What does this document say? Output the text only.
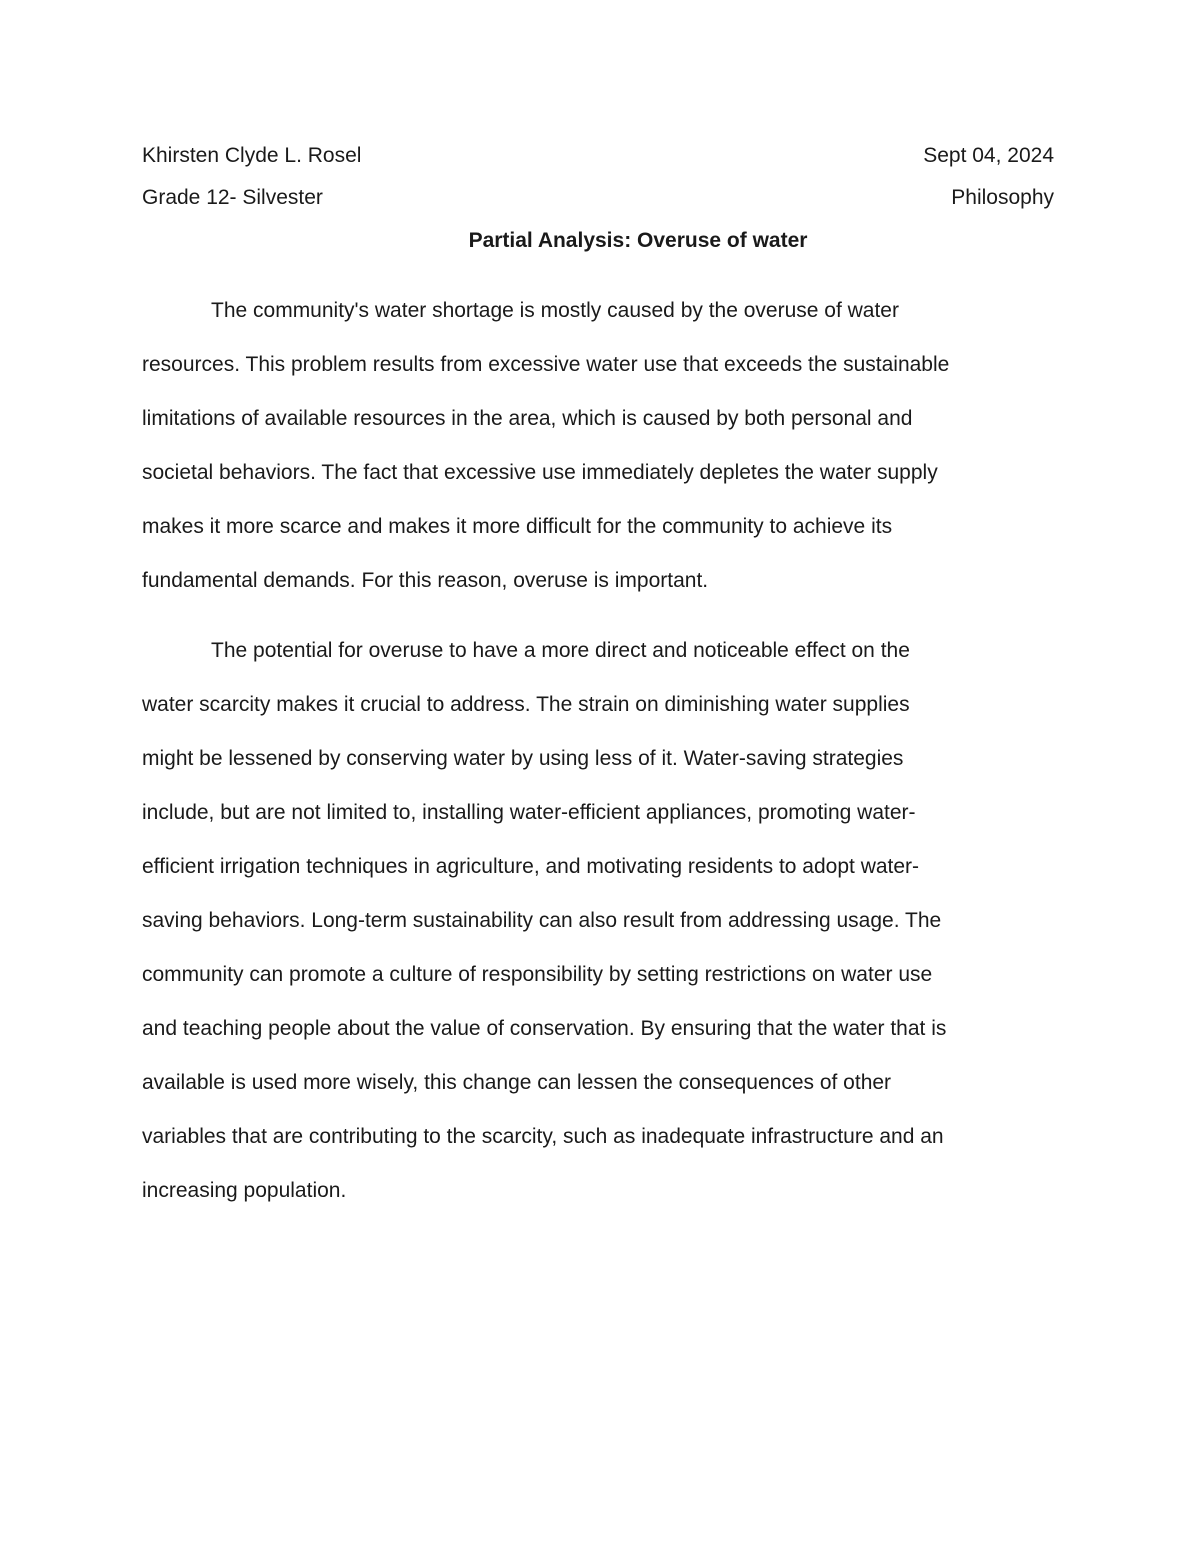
Khirsten Clyde L. Rosel	Sept 04, 2024
Grade 12- Silvester	Philosophy
Partial Analysis: Overuse of water
The community's water shortage is mostly caused by the overuse of water
resources. This problem results from excessive water use that exceeds the sustainable
limitations of available resources in the area, which is caused by both personal and
societal behaviors. The fact that excessive use immediately depletes the water supply
makes it more scarce and makes it more difficult for the community to achieve its
fundamental demands. For this reason, overuse is important.
The potential for overuse to have a more direct and noticeable effect on the
water scarcity makes it crucial to address. The strain on diminishing water supplies
might be lessened by conserving water by using less of it. Water-saving strategies
include, but are not limited to, installing water-efficient appliances, promoting water-
efficient irrigation techniques in agriculture, and motivating residents to adopt water-
saving behaviors. Long-term sustainability can also result from addressing usage. The
community can promote a culture of responsibility by setting restrictions on water use
and teaching people about the value of conservation. By ensuring that the water that is
available is used more wisely, this change can lessen the consequences of other
variables that are contributing to the scarcity, such as inadequate infrastructure and an
increasing population.
